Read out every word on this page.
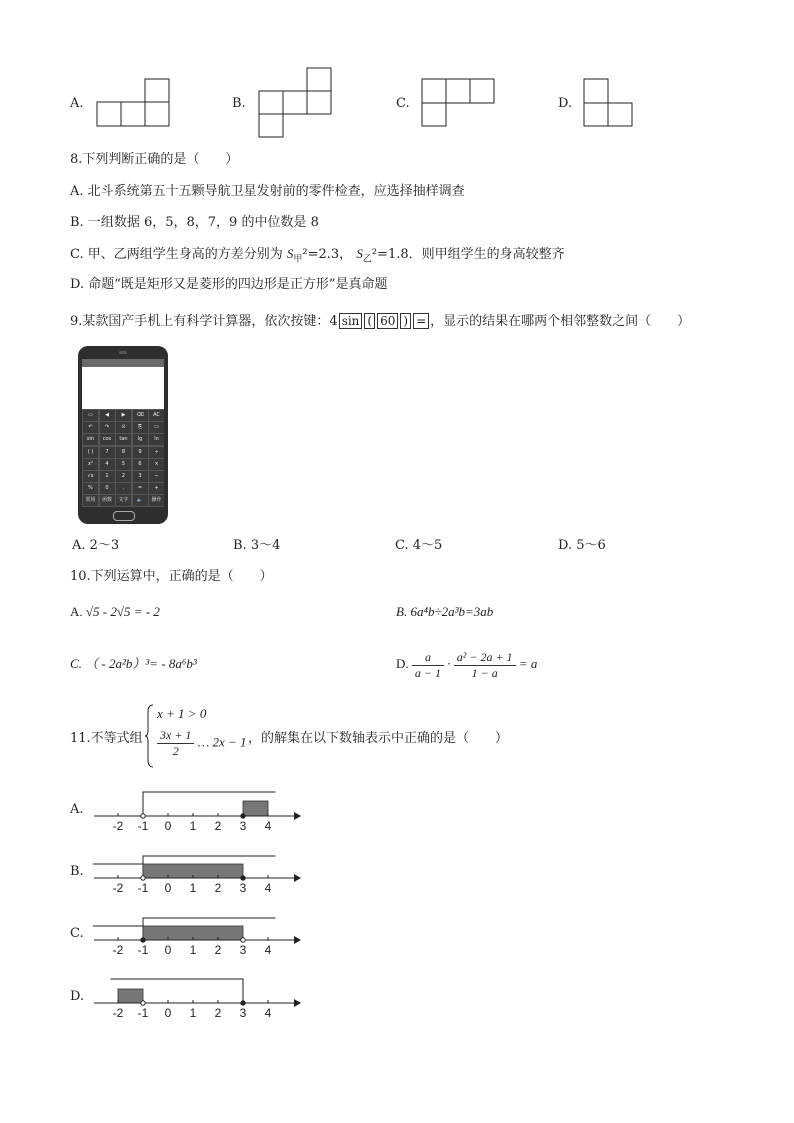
A.	B.	C.	D.
8.下列判断正确的是（　　）
A. 北斗系统第五十五颗导航卫星发射前的零件检查，应选择抽样调查
B. 一组数据 6，5，8，7，9 的中位数是 8
C. 甲、乙两组学生身高的方差分别为 $S_甲^2=2.3$， $S_乙^2=1.8$．则甲组学生的身高较整齐
D. 命题“既是矩形又是菱形的四边形是正方形”是真命题
9.某款国产手机上有科学计算器，依次按键：4 sin ( 60 ) = ，显示的结果在哪两个相邻整数之间（　　）
▭	◀	▶	⌫	AC
↶	↷	⊙	⎘	▭
sin	cos	tan	lg	ln
( )	7	8	9	÷
x²	4	5	6	×
√x	1	2	3	−
%	0	.	=	+
常用	函数	文字	🔈	操作
A. 2～3	B. 3～4	C. 4～5	D. 5～6
10.下列运算中，正确的是（　　）
A. √5 - 2√5 = - 2	B. 6a⁴b÷2a³b=3ab
C. （ - 2a²b）³= - 8a⁶b³	D. $\frac{a}{a - 1} \cdot \frac{\text{a² − 2a + 1}}{1 - a} = a$
11.不等式组
x + 1 > 0
$\frac{3x + 1}{2}$ … 2x − 1 ，的解集在以下数轴表示中正确的是（　　）
A.
-2 -1 0 1 2 3 4
B.
-2 -1 0 1 2 3 4
C.
-2 -1 0 1 2 3 4
D.
-2 -1 0 1 2 3 4
